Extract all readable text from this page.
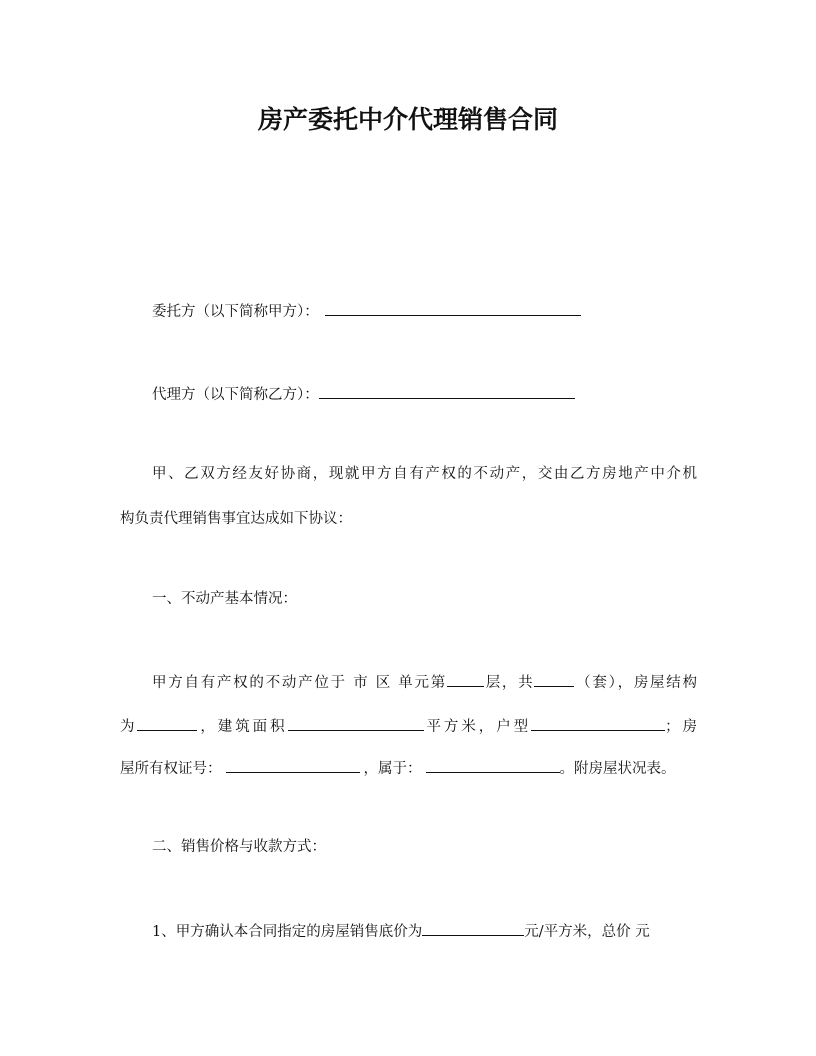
房产委托中介代理销售合同
委托方（以下简称甲方）：
代理方（以下简称乙方）：
甲、乙双方经友好协商，现就甲方自有产权的不动产，交由乙方房地产中介机
构负责代理销售事宜达成如下协议：
一、不动产基本情况：
甲方自有产权的不动产位于 市 区 单元第	层，共	（套），房屋结构
为	，建筑面积	平方米，户型	；房
屋所有权证号：	，属于：	。附房屋状况表。
二、销售价格与收款方式：
1、甲方确认本合同指定的房屋销售底价为	元/平方米，总价 元
